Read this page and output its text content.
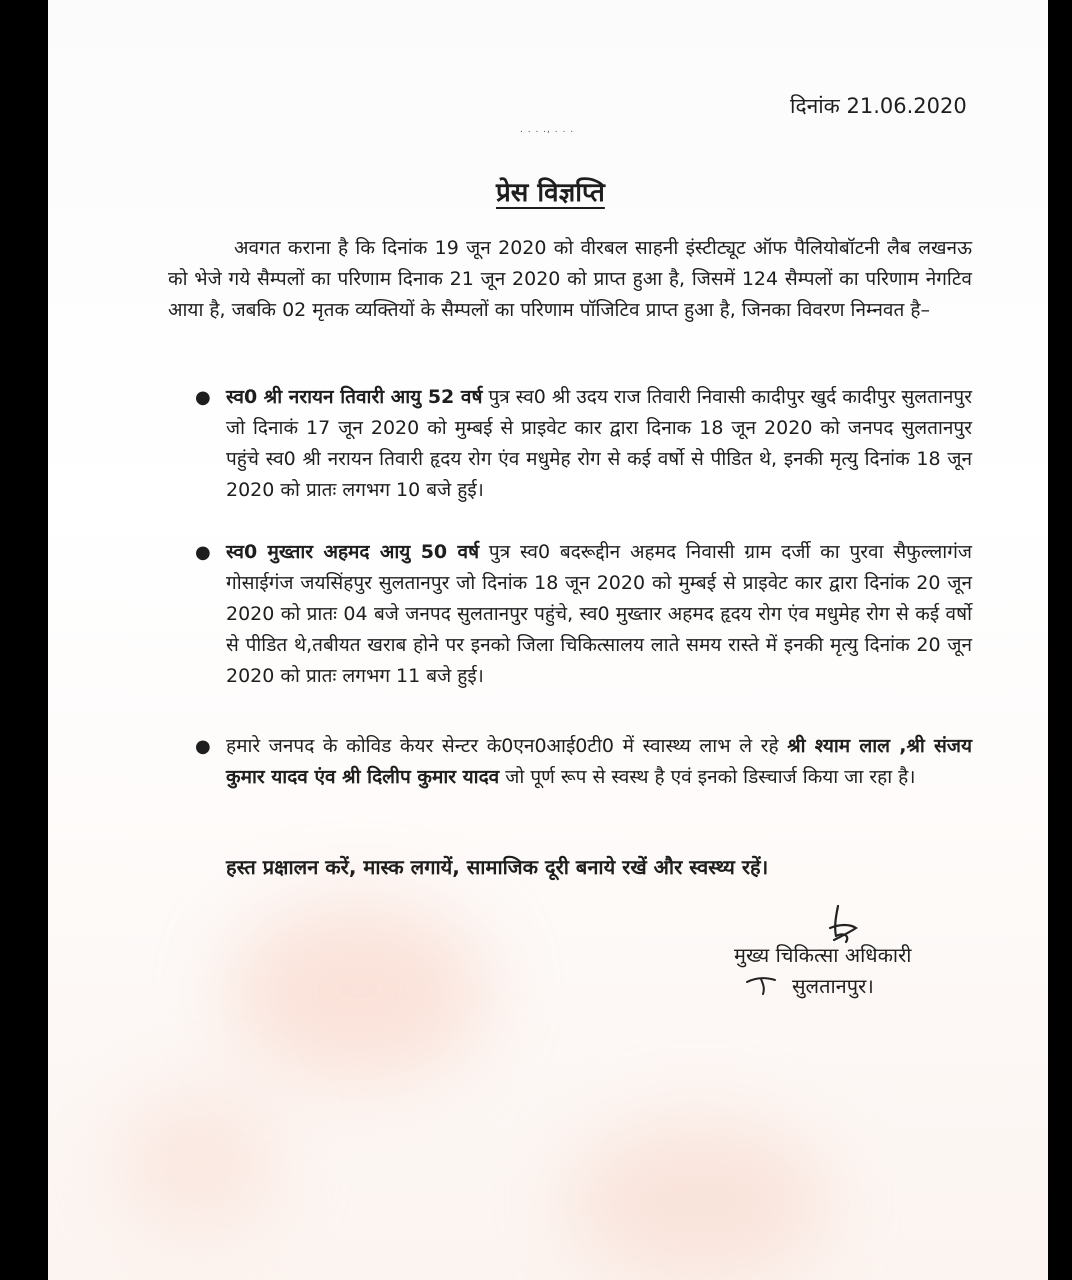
दिनांक 21.06.2020
. . . ., . . .
प्रेस विज्ञप्ति

अवगत कराना है कि दिनांक 19 जून 2020 को वीरबल साहनी इंस्टीट्यूट ऑफ पैलियोबॉटनी लैब लखनऊ को भेजे गये सैम्पलों का परिणाम दिनाक 21 जून 2020 को प्राप्त हुआ है, जिसमें 124 सैम्पलों का परिणाम नेगटिव आया है, जबकि 02 मृतक व्यक्तियों के सैम्पलों का परिणाम पॉजिटिव प्राप्त हुआ है, जिनका विवरण निम्नवत है–

● स्व0 श्री नरायन तिवारी आयु 52 वर्ष पुत्र स्व0 श्री उदय राज तिवारी निवासी कादीपुर खुर्द कादीपुर सुलतानपुर जो दिनाकं 17 जून 2020 को मुम्बई से प्राइवेट कार द्वारा दिनाक 18 जून 2020 को जनपद सुलतानपुर पहुंचे स्व0 श्री नरायन तिवारी हृदय रोग एंव मधुमेह रोग से कई वर्षो से पीडित थे, इनकी मृत्यु दिनांक 18 जून 2020 को प्रातः लगभग 10 बजे हुई।

● स्व0 मुख्तार अहमद आयु 50 वर्ष पुत्र स्व0 बदरूद्दीन अहमद निवासी ग्राम दर्जी का पुरवा सैफुल्लागंज गोसाईगंज जयसिंहपुर सुलतानपुर जो दिनांक 18 जून 2020 को मुम्बई से प्राइवेट कार द्वारा दिनांक 20 जून 2020 को प्रातः 04 बजे जनपद सुलतानपुर पहुंचे, स्व0 मुख्तार अहमद हृदय रोग एंव मधुमेह रोग से कई वर्षो से पीडित थे,तबीयत खराब होने पर इनको जिला चिकित्सालय लाते समय रास्ते में इनकी मृत्यु दिनांक 20 जून 2020 को प्रातः लगभग 11 बजे हुई।

● हमारे जनपद के कोविड केयर सेन्टर के0एन0आई0टी0 में स्वास्थ्य लाभ ले रहे श्री श्याम लाल ,श्री संजय कुमार यादव एंव श्री दिलीप कुमार यादव जो पूर्ण रूप से स्वस्थ है एवं इनको डिस्चार्ज किया जा रहा है।

हस्त प्रक्षालन करें, मास्क लगायें, सामाजिक दूरी बनाये रखें और स्वस्थ्य रहें।
मुख्य चिकित्सा अधिकारी
सुलतानपुर।
